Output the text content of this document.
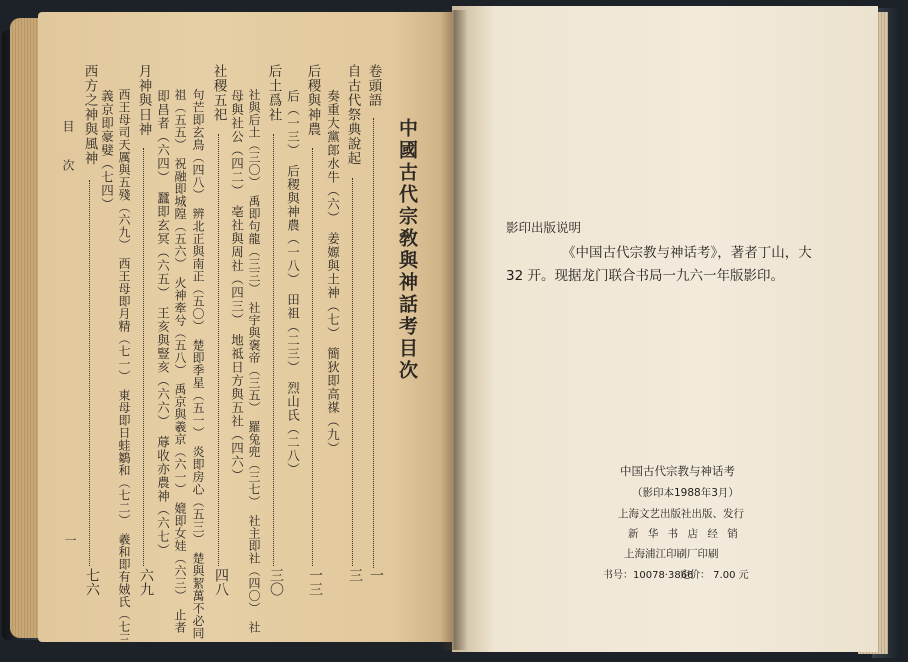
中國古代宗敎與神話考目次
卷頭語
一
自古代祭典說起
三
　奏重大黨郎水牛（六）　姜嫄與土神（七）　簡狄即高禖（九）
后稷與神農
一三
　后（一三）　后稷與神農（一八）　田祖（二三）　烈山氏（二八）
后土爲社
三〇
　社與后土（三〇）　禹即句龍（三三）　社宇與褒帝（三五）　羅兔兜（三七）　社主即社（四〇）　社
　母與社公（四二）　亳社與周社（四三）　地祗日方與五社（四六）
社稷五祀
四八
　句芒即玄鳥（四八）　辨北正與南正（五〇）　楚即季星（五一）　炎即房心（五三）　楚與絜萬不必同
　祖（五五）　祝融即城隍（五六）　火神牽兮（五八）　禹京與羲京（六一）　媲即女娃（六三）　止者
　即昌者（六四）　蠶即玄冥（六五）　王亥與豎亥（六六）　蓐收亦農神（六七）
月神與日神
六九
　西王母司天厲與五殘（六九）　西王母即月精（七一）　東母即日蛙鶵和（七二）　羲和即有娀氏（七三）
　義京即豪嬖（七四）
西方之神與風神
七六
目　　次
一
影印出版说明
《中国古代宗教与神话考》，著者丁山，大
32 开。现据龙门联合书局一九六一年版影印。
中国古代宗教与神话考
（影印本1988年3月）
上海文艺出版社出版、发行
新 华 书 店 经 销
上海浦江印刷厂印刷
书号：10078·3866
定价： 7.00 元
